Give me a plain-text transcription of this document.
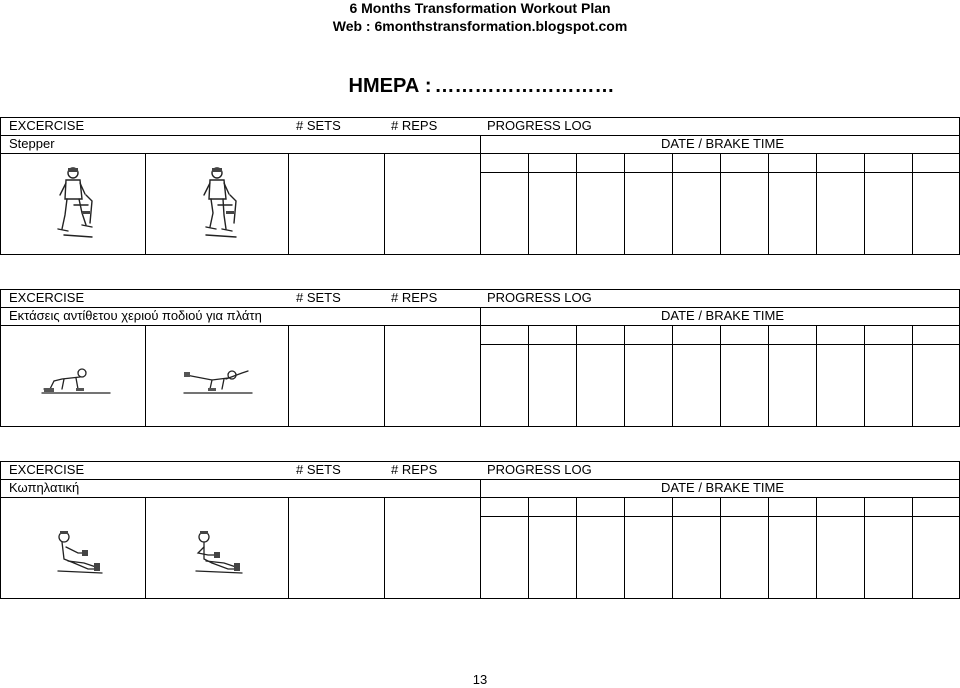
6 Months Transformation Workout Plan
Web : 6monthstransformation.blogspot.com
ΗΜΕΡΑ : ………………………
EXCERCISE	# SETS	# REPS	PROGRESS LOG
Stepper	DATE / BRAKE TIME
EXCERCISE	# SETS	# REPS	PROGRESS LOG
Εκτάσεις αντίθετου χεριού ποδιού για πλάτη	DATE / BRAKE TIME
EXCERCISE	# SETS	# REPS	PROGRESS LOG
Κωπηλατική	DATE / BRAKE TIME
13
